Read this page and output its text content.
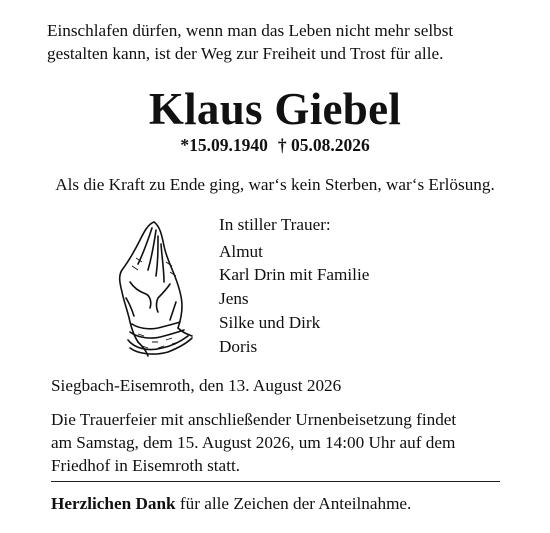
Einschlafen dürfen, wenn man das Leben nicht mehr selbst
gestalten kann, ist der Weg zur Freiheit und Trost für alle.
Klaus Giebel
*15.09.1940 † 05.08.2026
Als die Kraft zu Ende ging, war‘s kein Sterben, war‘s Erlösung.
In stiller Trauer:
Almut
Karl Drin mit Familie
Jens
Silke und Dirk
Doris
Siegbach-Eisemroth, den 13. August 2026
Die Trauerfeier mit anschließender Urnenbeisetzung findet
am Samstag, dem 15. August 2026, um 14:00 Uhr auf dem
Friedhof in Eisemroth statt.
Herzlichen Dank für alle Zeichen der Anteilnahme.
